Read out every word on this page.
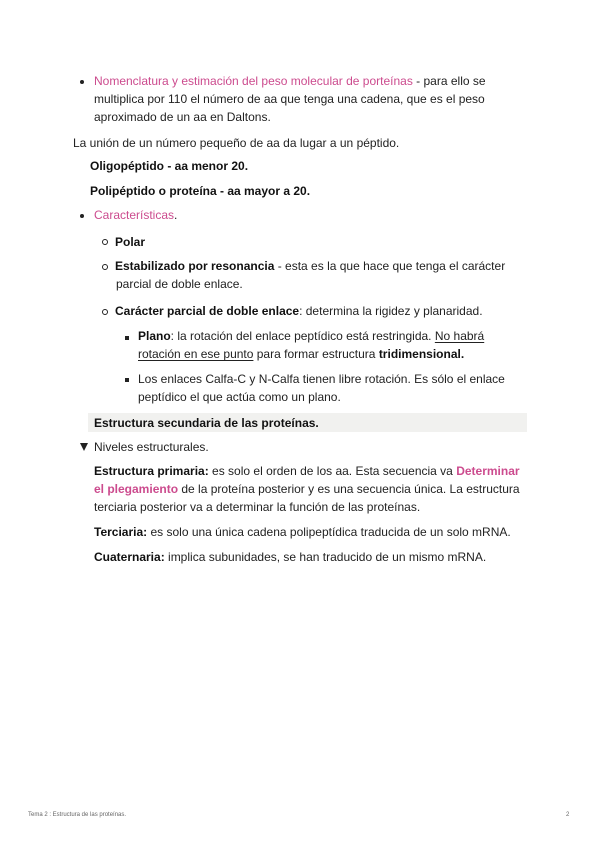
Nomenclatura y estimación del peso molecular de porteínas - para ello se
multiplica por 110 el número de aa que tenga una cadena, que es el peso
aproximado de un aa en Daltons.
La unión de un número pequeño de aa da lugar a un péptido.
Oligopéptido - aa menor 20.
Polipéptido o proteína - aa mayor a 20.
Características.
Polar
Estabilizado por resonancia - esta es la que hace que tenga el carácter
parcial de doble enlace.
Carácter parcial de doble enlace: determina la rigidez y planaridad.
Plano: la rotación del enlace peptídico está restringida. No habrá
rotación en ese punto para formar estructura tridimensional.
Los enlaces Calfa-C y N-Calfa tienen libre rotación. Es sólo el enlace
peptídico el que actúa como un plano.
Estructura secundaria de las proteínas.
Niveles estructurales.
Estructura primaria: es solo el orden de los aa. Esta secuencia va Determinar
el plegamiento de la proteína posterior y es una secuencia única. La estructura
terciaria posterior va a determinar la función de las proteínas.
Terciaria: es solo una única cadena polipeptídica traducida de un solo mRNA.
Cuaternaria: implica subunidades, se han traducido de un mismo mRNA.
Tema 2 : Estructura de las proteínas.	2
